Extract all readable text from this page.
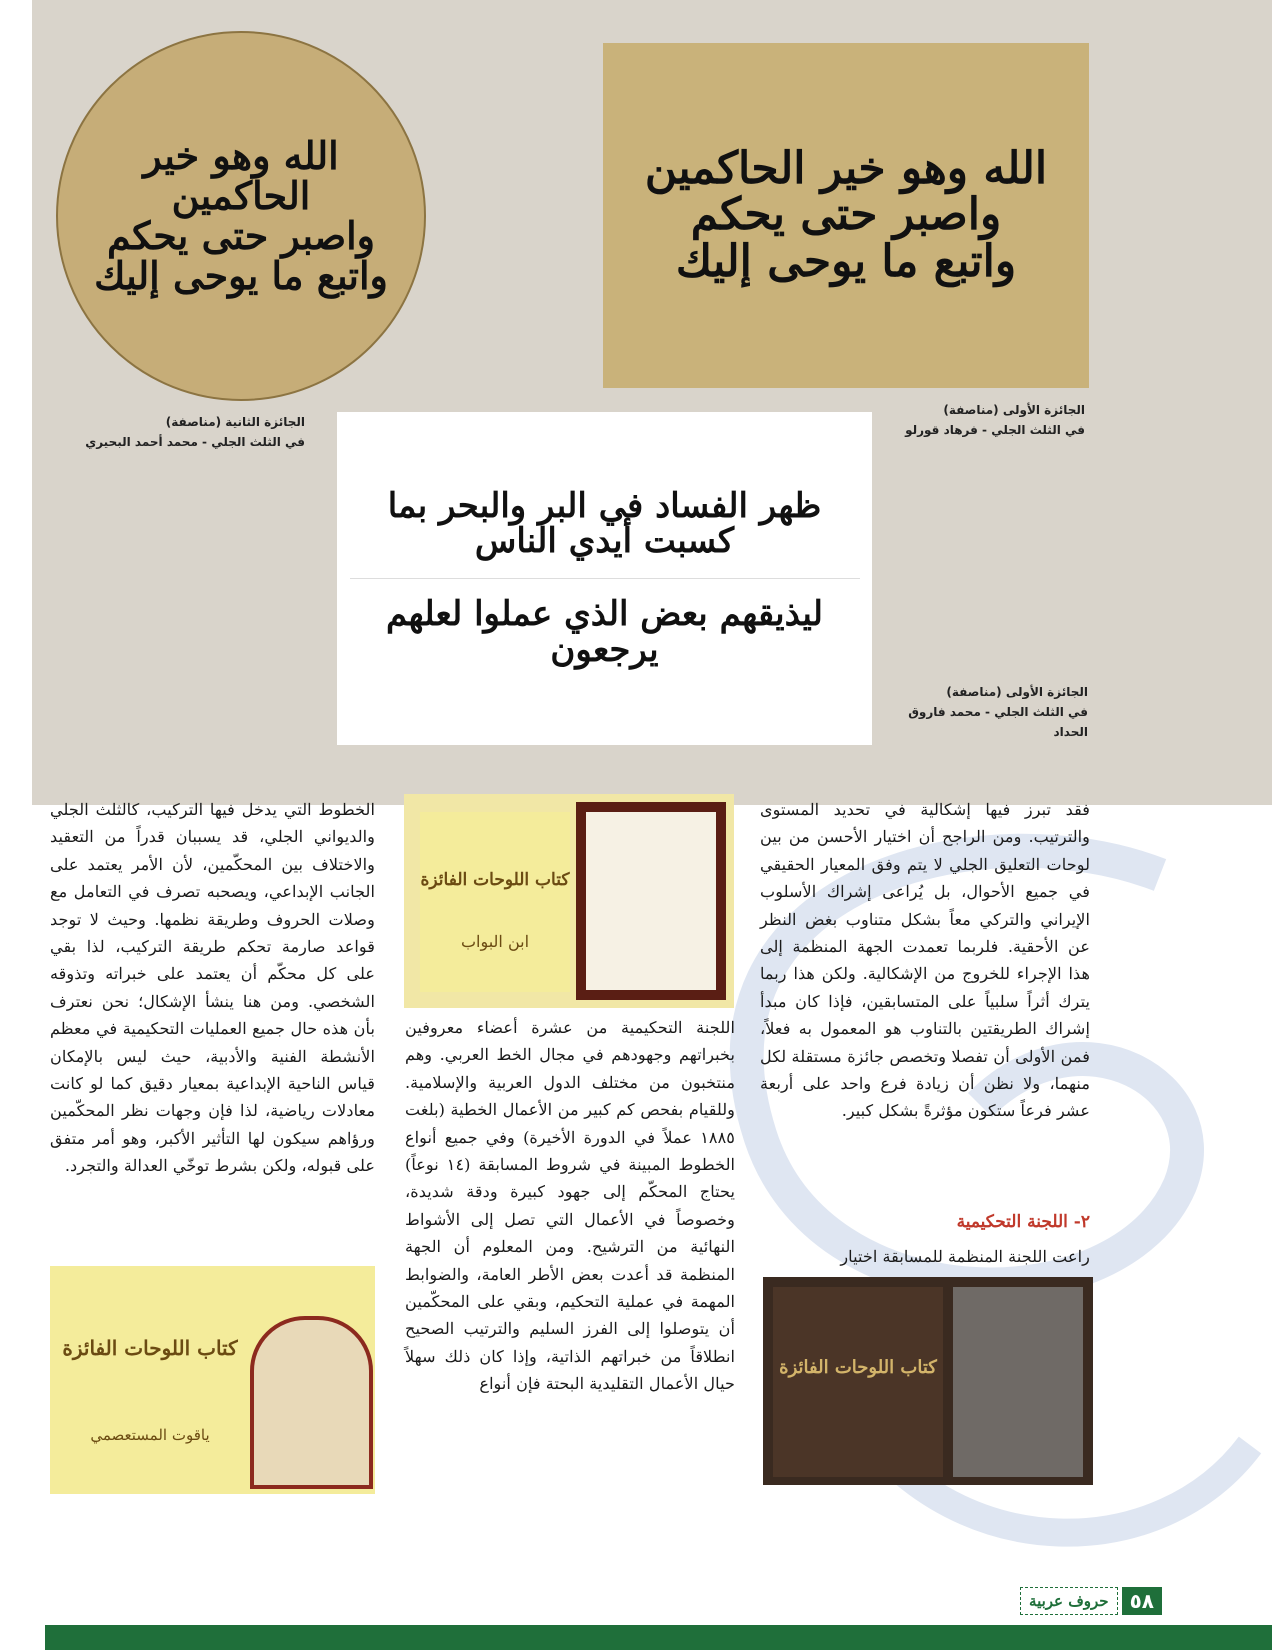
الله وهو خير الحاكمين
واصبر حتى يحكم
واتبع ما يوحى إليك
الله وهو خير الحاكمين
واصبر حتى يحكم
واتبع ما يوحى إليك
الجائزة الثانية (مناصفة)
في الثلث الجلي - محمد أحمد البحيري
الجائزة الأولى (مناصفة)
في الثلث الجلي - فرهاد قورلو
ظهر الفساد في البر والبحر بما كسبت أيدي الناس
ليذيقهم بعض الذي عملوا لعلهم يرجعون
الجائزة الأولى (مناصفة)
في الثلث الجلي - محمد فاروق الحداد
فقد تبرز فيها إشكالية في تحديد المستوى والترتيب. ومن الراجح أن اختيار الأحسن من بين لوحات التعليق الجلي لا يتم وفق المعيار الحقيقي في جميع الأحوال، بل يُراعى إشراك الأسلوب الإيراني والتركي معاً بشكل متناوب بغض النظر عن الأحقية. فلربما تعمدت الجهة المنظمة إلى هذا الإجراء للخروج من الإشكالية. ولكن هذا ربما يترك أثراً سلبياً على المتسابقين، فإذا كان مبدأ إشراك الطريقتين بالتناوب هو المعمول به فعلاً، فمن الأولى أن تفصلا وتخصص جائزة مستقلة لكل منهما، ولا نظن أن زيادة فرع واحد على أربعة عشر فرعاً ستكون مؤثرةً بشكل كبير.
٢- اللجنة التحكيمية
راعت اللجنة المنظمة للمسابقة اختيار
اللجنة التحكيمية من عشرة أعضاء معروفين بخبراتهم وجهودهم في مجال الخط العربي. وهم منتخبون من مختلف الدول العربية والإسلامية. وللقيام بفحص كم كبير من الأعمال الخطية (بلغت ١٨٨٥ عملاً في الدورة الأخيرة) وفي جميع أنواع الخطوط المبينة في شروط المسابقة (١٤ نوعاً) يحتاج المحكّم إلى جهود كبيرة ودقة شديدة، وخصوصاً في الأعمال التي تصل إلى الأشواط النهائية من الترشيح. ومن المعلوم أن الجهة المنظمة قد أعدت بعض الأطر العامة، والضوابط المهمة في عملية التحكيم، وبقي على المحكّمين أن يتوصلوا إلى الفرز السليم والترتيب الصحيح انطلاقاً من خبراتهم الذاتية، وإذا كان ذلك سهلاً حيال الأعمال التقليدية البحتة فإن أنواع
الخطوط التي يدخل فيها التركيب، كالثلث الجلي والديواني الجلي، قد يسببان قدراً من التعقيد والاختلاف بين المحكّمين، لأن الأمر يعتمد على الجانب الإبداعي، ويصحبه تصرف في التعامل مع وصلات الحروف وطريقة نظمها. وحيث لا توجد قواعد صارمة تحكم طريقة التركيب، لذا بقي على كل محكّم أن يعتمد على خبراته وتذوقه الشخصي. ومن هنا ينشأ الإشكال؛ نحن نعترف بأن هذه حال جميع العمليات التحكيمية في معظم الأنشطة الفنية والأدبية، حيث ليس بالإمكان قياس الناحية الإبداعية بمعيار دقيق كما لو كانت معادلات رياضية، لذا فإن وجهات نظر المحكّمين ورؤاهم سيكون لها التأثير الأكبر، وهو أمر متفق على قبوله، ولكن بشرط توخّي العدالة والتجرد.
كتاب اللوحات الفائزة
ابن البواب
كتاب اللوحات الفائزة
ياقوت المستعصمي
كتاب اللوحات الفائزة
٥٨
حروف عربية
